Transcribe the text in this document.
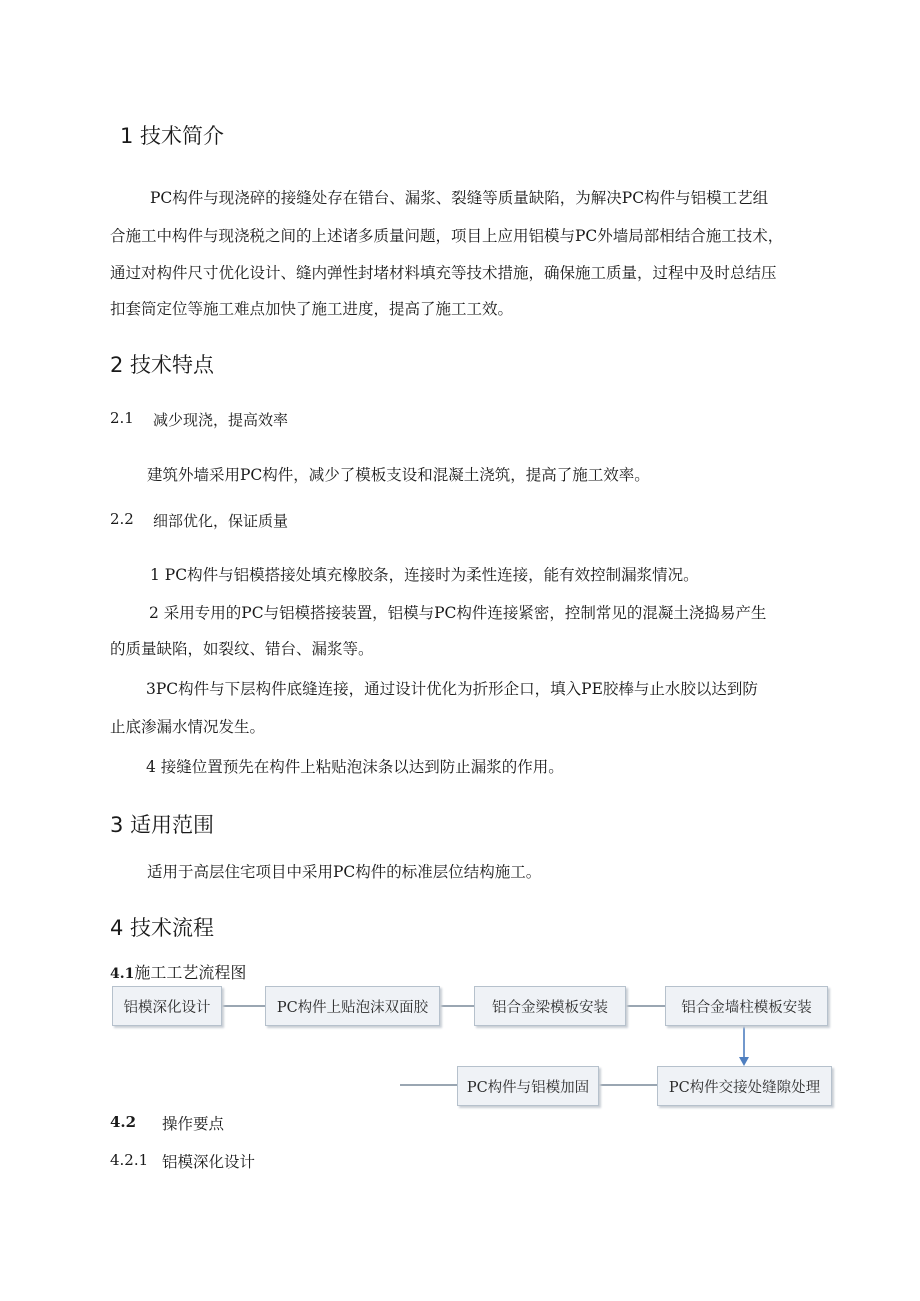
1 技术简介
PC构件与现浇碎的接缝处存在错台、漏浆、裂缝等质量缺陷，为解决PC构件与铝模工艺组
合施工中构件与现浇税之间的上述诸多质量问题，项目上应用铝模与PC外墙局部相结合施工技术，
通过对构件尺寸优化设计、缝内弹性封堵材料填充等技术措施，确保施工质量，过程中及时总结压
扣套筒定位等施工难点加快了施工进度，提高了施工工效。
2 技术特点
2.1 减少现浇，提高效率
建筑外墙采用PC构件，减少了模板支设和混凝土浇筑，提高了施工效率。
2.2 细部优化，保证质量
1 PC构件与铝模搭接处填充橡胶条，连接时为柔性连接，能有效控制漏浆情况。
2 采用专用的PC与铝模搭接装置，铝模与PC构件连接紧密，控制常见的混凝土浇捣易产生
的质量缺陷，如裂纹、错台、漏浆等。
3PC构件与下层构件底缝连接，通过设计优化为折形企口，填入PE胶棒与止水胶以达到防
止底渗漏水情况发生。
4 接缝位置预先在构件上粘贴泡沫条以达到防止漏浆的作用。
3 适用范围
适用于高层住宅项目中采用PC构件的标准层位结构施工。
4 技术流程
4.1施工工艺流程图
铝模深化设计	PC构件上贴泡沫双面胶	铝合金梁模板安装	铝合金墙柱模板安装
PC构件与铝模加固	PC构件交接处缝隙处理
4.2 操作要点
4.2.1 铝模深化设计
